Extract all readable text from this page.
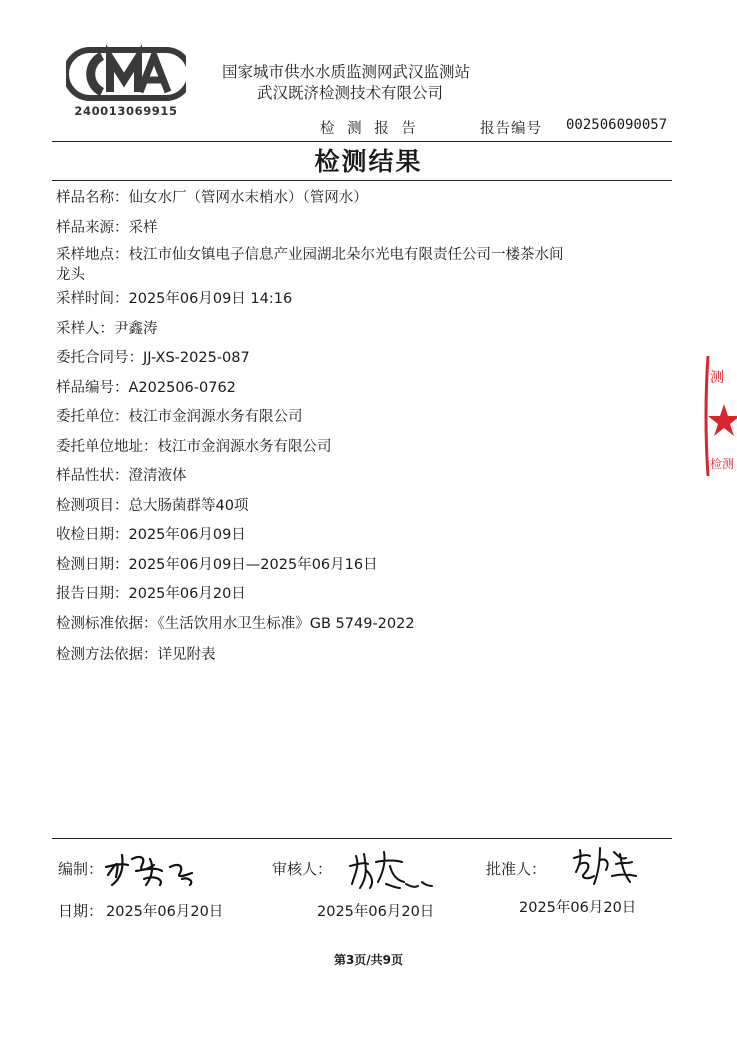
240013069915
国家城市供水水质监测网武汉监测站
武汉既济检测技术有限公司
检 测 报 告	报告编号 002506090057
检测结果
样品名称：仙女水厂（管网水末梢水）（管网水）
样品来源：采样
采样地点：枝江市仙女镇电子信息产业园湖北朵尔光电有限责任公司一楼茶水间
龙头
采样时间：2025年06月09日 14:16
采样人：尹鑫涛
委托合同号：JJ-XS-2025-087
样品编号：A202506-0762
委托单位：枝江市金润源水务有限公司
委托单位地址：枝江市金润源水务有限公司
样品性状：澄清液体
检测项目：总大肠菌群等40项
收检日期：2025年06月09日
检测日期：2025年06月09日—2025年06月16日
报告日期：2025年06月20日
检测标准依据：《生活饮用水卫生标准》GB 5749-2022
检测方法依据：详见附表
编制：	审核人：	批准人：
日期： 2025年06月20日	2025年06月20日	2025年06月20日
第3页/共9页
测
检测
